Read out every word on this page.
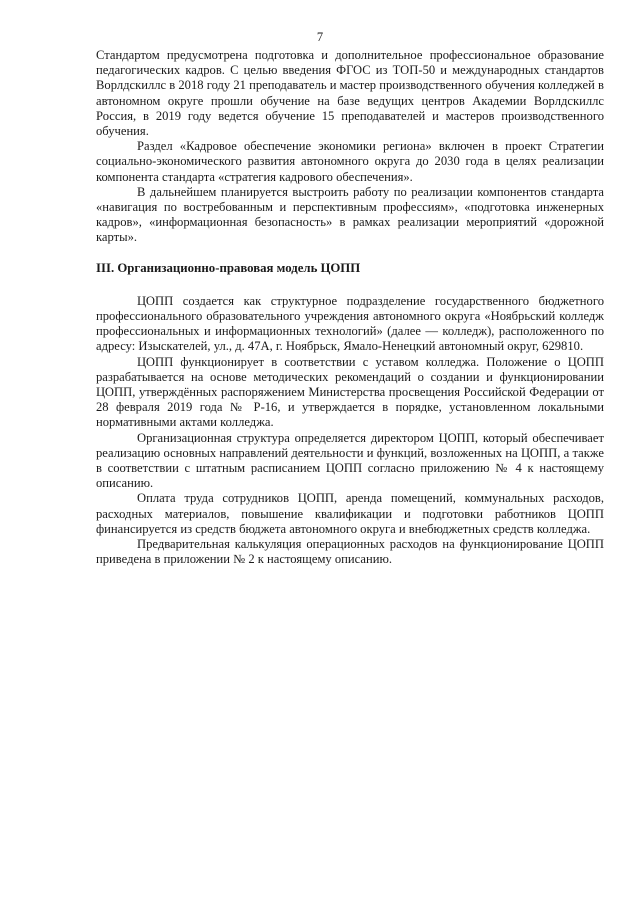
7

Стандартом предусмотрена подготовка и дополнительное профессиональное образование педагогических кадров. С целью введения ФГОС из ТОП-50 и международных стандартов Ворлдскиллс в 2018 году 21 преподаватель и мастер производственного обучения колледжей в автономном округе прошли обучение на базе ведущих центров Академии Ворлдскиллс Россия, в 2019 году ведется обучение 15 преподавателей и мастеров производственного обучения.

Раздел «Кадровое обеспечение экономики региона» включен в проект Стратегии социально-экономического развития автономного округа до 2030 года в целях реализации компонента стандарта «стратегия кадрового обеспечения».

В дальнейшем планируется выстроить работу по реализации компонентов стандарта «навигация по востребованным и перспективным профессиям», «подготовка инженерных кадров», «информационная безопасность» в рамках реализации мероприятий «дорожной карты».

III. Организационно-правовая модель ЦОПП

ЦОПП создается как структурное подразделение государственного бюджетного профессионального образовательного учреждения автономного округа «Ноябрьский колледж профессиональных и информационных технологий» (далее — колледж), расположенного по адресу: Изыскателей, ул., д. 47А, г. Ноябрьск, Ямало-Ненецкий автономный округ, 629810.

ЦОПП функционирует в соответствии с уставом колледжа. Положение о ЦОПП разрабатывается на основе методических рекомендаций о создании и функционировании ЦОПП, утверждённых распоряжением Министерства просвещения Российской Федерации от 28 февраля 2019 года № Р-16, и утверждается в порядке, установленном локальными нормативными актами колледжа.

Организационная структура определяется директором ЦОПП, который обеспечивает реализацию основных направлений деятельности и функций, возложенных на ЦОПП, а также в соответствии с штатным расписанием ЦОПП согласно приложению № 4 к настоящему описанию.

Оплата труда сотрудников ЦОПП, аренда помещений, коммунальных расходов, расходных материалов, повышение квалификации и подготовки работников ЦОПП финансируется из средств бюджета автономного округа и внебюджетных средств колледжа.

Предварительная калькуляция операционных расходов на функционирование ЦОПП приведена в приложении № 2 к настоящему описанию.
